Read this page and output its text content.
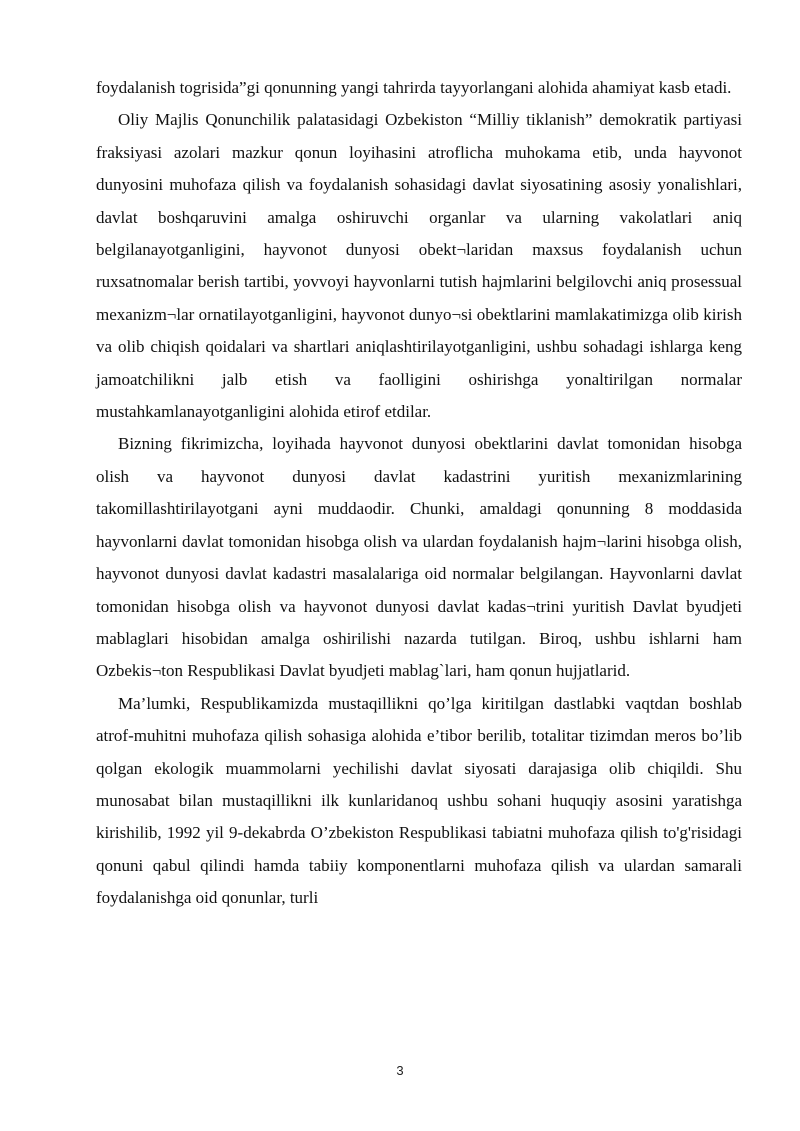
foydalanish togrisida”gi qonunning yangi tahrirda tayyorlangani alohida ahamiyat kasb etadi.

Oliy Majlis Qonunchilik palatasidagi Ozbekiston “Milliy tiklanish” demokratik partiyasi fraksiyasi azolari mazkur qonun loyihasini atroflicha muhokama etib, unda hayvonot dunyosini muhofaza qilish va foydalanish sohasidagi davlat siyosatining asosiy yonalishlari, davlat boshqaruvini amalga oshiruvchi organlar va ularning vakolatlari aniq belgilanayotganligini, hayvonot dunyosi obekt¬laridan maxsus foydalanish uchun ruxsatnomalar berish tartibi, yovvoyi hayvonlarni tutish hajmlarini belgilovchi aniq prosessual mexanizm¬lar ornatilayotganligini, hayvonot dunyo¬si obektlarini mamlakatimizga olib kirish va olib chiqish qoidalari va shartlari aniqlashtirilayotganligini, ushbu sohadagi ishlarga keng jamoatchilikni jalb etish va faolligini oshirishga yonaltirilgan normalar mustahkamlanayotganligini alohida etirof etdilar.

Bizning fikrimizcha, loyihada hayvonot dunyosi obektlarini davlat tomonidan hisobga olish va hayvonot dunyosi davlat kadastrini yuritish mexanizmlarining takomillashtirilayotgani ayni muddaodir. Chunki, amaldagi qonunning 8 moddasida hayvonlarni davlat tomonidan hisobga olish va ulardan foydalanish hajm¬larini hisobga olish, hayvonot dunyosi davlat kadastri masalalariga oid normalar belgilangan. Hayvonlarni davlat tomonidan hisobga olish va hayvonot dunyosi davlat kadas¬trini yuritish Davlat byudjeti mablaglari hisobidan amalga oshirilishi nazarda tutilgan. Biroq, ushbu ishlarni ham Ozbekis¬ton Respublikasi Davlat byudjeti mablag`lari, ham qonun hujjatlarid.

Ma’lumki, Respublikamizda mustaqillikni qo’lga kiritilgan dastlabki vaqtdan boshlab atrof-muhitni muhofaza qilish sohasiga alohida e’tibor berilib, totalitar tizimdan meros bo’lib qolgan ekologik muammolarni yechilishi davlat siyosati darajasiga olib chiqildi. Shu munosabat bilan mustaqillikni ilk kunlaridanoq ushbu sohani huquqiy asosini yaratishga kirishilib, 1992 yil 9-dekabrda O’zbekiston Respublikasi tabiatni muhofaza qilish to'g'risidagi qonuni qabul qilindi hamda tabiiy komponentlarni muhofaza qilish va ulardan samarali foydalanishga oid qonunlar, turli

3
